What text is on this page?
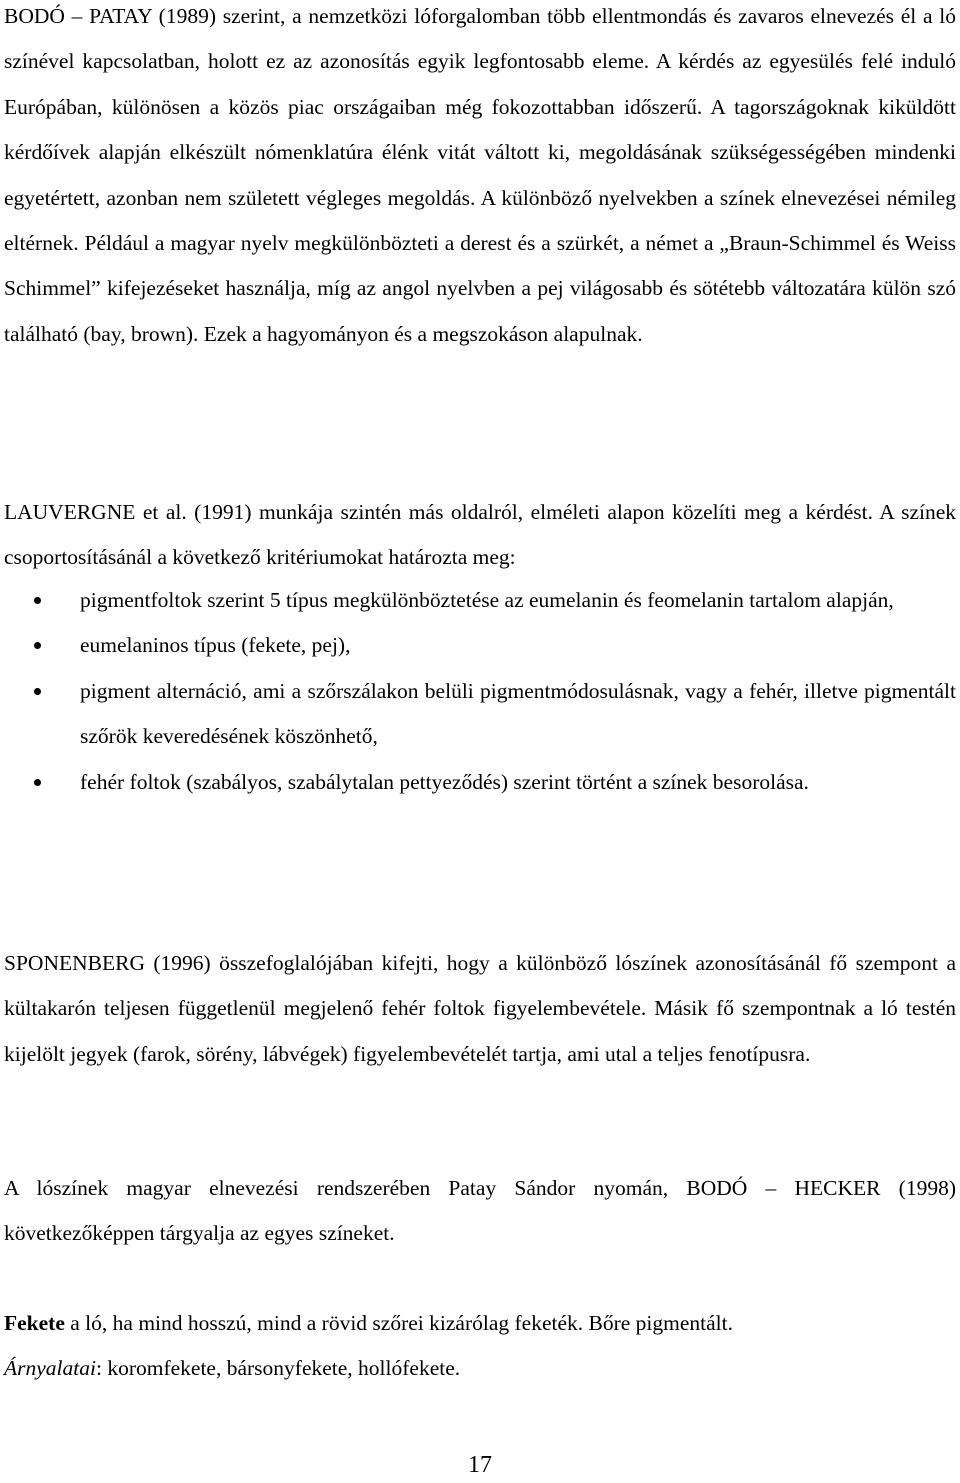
BODÓ – PATAY (1989) szerint, a nemzetközi lóforgalomban több ellentmondás és zavaros elnevezés él a ló színével kapcsolatban, holott ez az azonosítás egyik legfontosabb eleme. A kérdés az egyesülés felé induló Európában, különösen a közös piac országaiban még fokozottabban időszerű. A tagországoknak kiküldött kérdőívek alapján elkészült nómenklatúra élénk vitát váltott ki, megoldásának szükségességében mindenki egyetértett, azonban nem született végleges megoldás. A különböző nyelvekben a színek elnevezései némileg eltérnek. Például a magyar nyelv megkülönbözteti a derest és a szürkét, a német a „Braun-Schimmel és Weiss Schimmel” kifejezéseket használja, míg az angol nyelvben a pej világosabb és sötétebb változatára külön szó található (bay, brown). Ezek a hagyományon és a megszokáson alapulnak.

LAUVERGNE et al. (1991) munkája szintén más oldalról, elméleti alapon közelíti meg a kérdést. A színek csoportosításánál a következő kritériumokat határozta meg:

pigmentfoltok szerint 5 típus megkülönböztetése az eumelanin és feomelanin tartalom alapján,
eumelaninos típus (fekete, pej),
pigment alternáció, ami a szőrszálakon belüli pigmentmódosulásnak, vagy a fehér, illetve pigmentált szőrök keveredésének köszönhető,
fehér foltok (szabályos, szabálytalan pettyeződés) szerint történt a színek besorolása.

SPONENBERG (1996) összefoglalójában kifejti, hogy a különböző lószínek azonosításánál fő szempont a kültakarón teljesen függetlenül megjelenő fehér foltok figyelembevétele. Másik fő szempontnak a ló testén kijelölt jegyek (farok, sörény, lábvégek) figyelembevételét tartja, ami utal a teljes fenotípusra.

A lószínek magyar elnevezési rendszerében Patay Sándor nyomán, BODÓ – HECKER (1998) következőképpen tárgyalja az egyes színeket.

Fekete a ló, ha mind hosszú, mind a rövid szőrei kizárólag feketék. Bőre pigmentált.
Árnyalatai: koromfekete, bársonyfekete, hollófekete.

17
